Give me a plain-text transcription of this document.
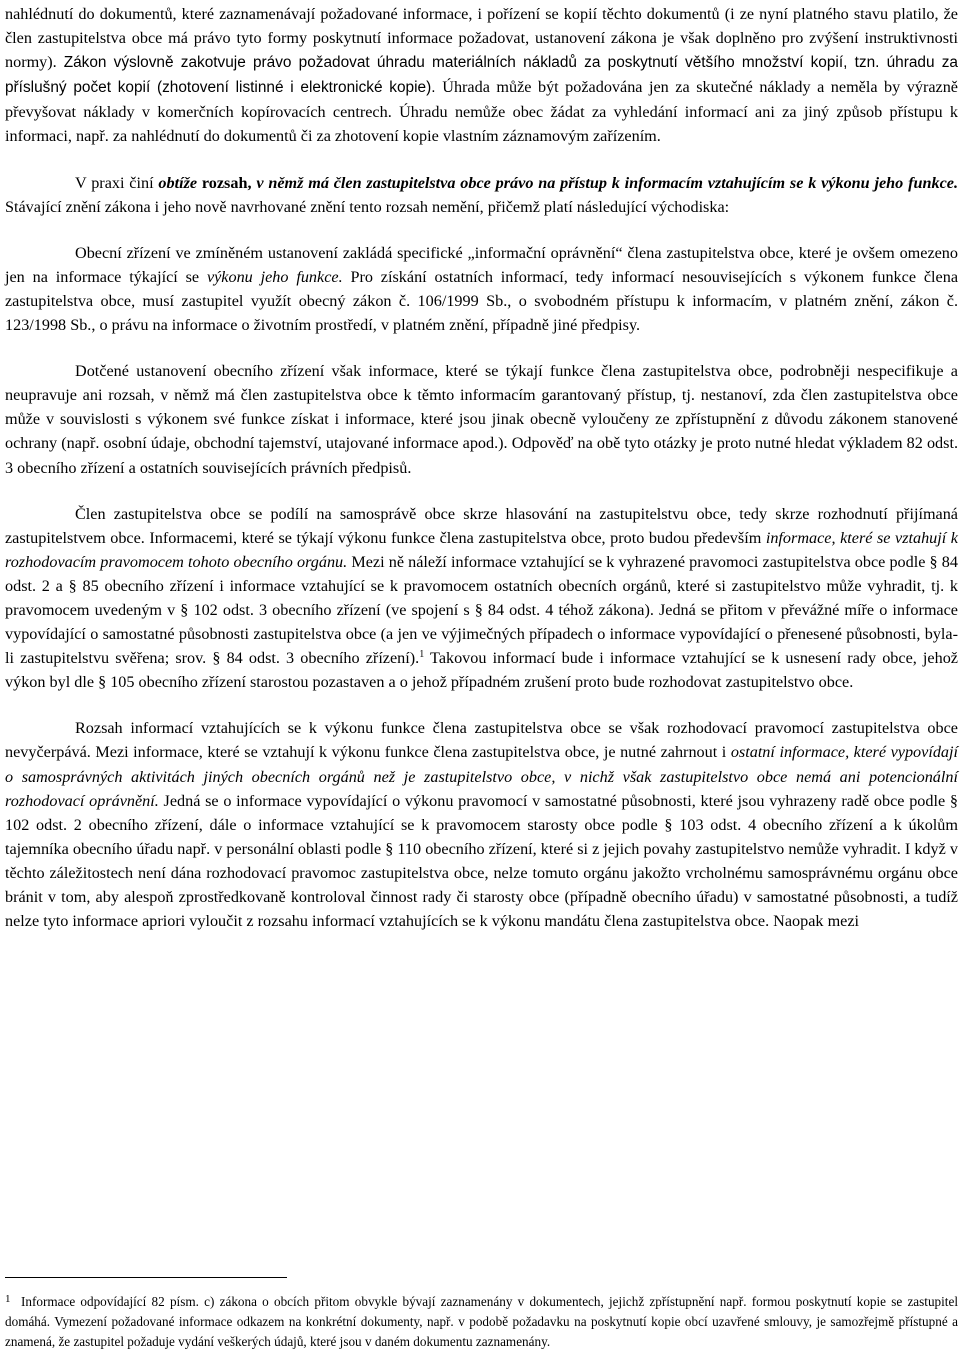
nahlédnutí do dokumentů, které zaznamenávají požadované informace, i pořízení se kopií těchto dokumentů (i ze nyní platného stavu platilo, že člen zastupitelstva obce má právo tyto formy poskytnutí informace požadovat, ustanovení zákona je však doplněno pro zvýšení instruktivnosti normy). Zákon výslovně zakotvuje právo požadovat úhradu materiálních nákladů za poskytnutí většího množství kopií, tzn. úhradu za příslušný počet kopií (zhotovení listinné i elektronické kopie). Úhrada může být požadována jen za skutečné náklady a neměla by výrazně převyšovat náklady v komerčních kopírovacích centrech. Úhradu nemůže obec žádat za vyhledání informací ani za jiný způsob přístupu k informaci, např. za nahlédnutí do dokumentů či za zhotovení kopie vlastním záznamovým zařízením.

V praxi činí obtíže rozsah, v němž má člen zastupitelstva obce právo na přístup k informacím vztahujícím se k výkonu jeho funkce. Stávající znění zákona i jeho nově navrhované znění tento rozsah nemění, přičemž platí následující východiska:

Obecní zřízení ve zmíněném ustanovení zakládá specifické „informační oprávnění“ člena zastupitelstva obce, které je ovšem omezeno jen na informace týkající se výkonu jeho funkce. Pro získání ostatních informací, tedy informací nesouvisejících s výkonem funkce člena zastupitelstva obce, musí zastupitel využít obecný zákon č. 106/1999 Sb., o svobodném přístupu k informacím, v platném znění, zákon č. 123/1998 Sb., o právu na informace o životním prostředí, v platném znění, případně jiné předpisy.

Dotčené ustanovení obecního zřízení však informace, které se týkají funkce člena zastupitelstva obce, podrobněji nespecifikuje a neupravuje ani rozsah, v němž má člen zastupitelstva obce k těmto informacím garantovaný přístup, tj. nestanoví, zda člen zastupitelstva obce může v souvislosti s výkonem své funkce získat i informace, které jsou jinak obecně vyloučeny ze zpřístupnění z důvodu zákonem stanovené ochrany (např. osobní údaje, obchodní tajemství, utajované informace apod.). Odpověď na obě tyto otázky je proto nutné hledat výkladem 82 odst. 3 obecního zřízení a ostatních souvisejících právních předpisů.

Člen zastupitelstva obce se podílí na samosprávě obce skrze hlasování na zastupitelstvu obce, tedy skrze rozhodnutí přijímaná zastupitelstvem obce. Informacemi, které se týkají výkonu funkce člena zastupitelstva obce, proto budou především informace, které se vztahují k rozhodovacím pravomocem tohoto obecního orgánu. Mezi ně náleží informace vztahující se k vyhrazené pravomoci zastupitelstva obce podle § 84 odst. 2 a § 85 obecního zřízení i informace vztahující se k pravomocem ostatních obecních orgánů, které si zastupitelstvo může vyhradit, tj. k pravomocem uvedeným v § 102 odst. 3 obecního zřízení (ve spojení s § 84 odst. 4 téhož zákona). Jedná se přitom v převážné míře o informace vypovídající o samostatné působnosti zastupitelstva obce (a jen ve výjimečných případech o informace vypovídající o přenesené působnosti, byla-li zastupitelstvu svěřena; srov. § 84 odst. 3 obecního zřízení).$^1$ Takovou informací bude i informace vztahující se k usnesení rady obce, jehož výkon byl dle § 105 obecního zřízení starostou pozastaven a o jehož případném zrušení proto bude rozhodovat zastupitelstvo obce.

Rozsah informací vztahujících se k výkonu funkce člena zastupitelstva obce se však rozhodovací pravomocí zastupitelstva obce nevyčerpává. Mezi informace, které se vztahují k výkonu funkce člena zastupitelstva obce, je nutné zahrnout i ostatní informace, které vypovídají o samosprávných aktivitách jiných obecních orgánů než je zastupitelstvo obce, v nichž však zastupitelstvo obce nemá ani potencionální rozhodovací oprávnění. Jedná se o informace vypovídající o výkonu pravomocí v samostatné působnosti, které jsou vyhrazeny radě obce podle § 102 odst. 2 obecního zřízení, dále o informace vztahující se k pravomocem starosty obce podle § 103 odst. 4 obecního zřízení a k úkolům tajemníka obecního úřadu např. v personální oblasti podle § 110 obecního zřízení, které si z jejich povahy zastupitelstvo nemůže vyhradit. I když v těchto záležitostech není dána rozhodovací pravomoc zastupitelstva obce, nelze tomuto orgánu jakožto vrcholnému samosprávnému orgánu obce bránit v tom, aby alespoň zprostředkovaně kontroloval činnost rady či starosty obce (případně obecního úřadu) v samostatné působnosti, a tudíž nelze tyto informace apriori vyloučit z rozsahu informací vztahujících se k výkonu mandátu člena zastupitelstva obce. Naopak mezi

1 Informace odpovídající 82 písm. c) zákona o obcích přitom obvykle bývají zaznamenány v dokumentech, jejichž zpřístupnění např. formou poskytnutí kopie se zastupitel domáhá. Vymezení požadované informace odkazem na konkrétní dokumenty, např. v podobě požadavku na poskytnutí kopie obcí uzavřené smlouvy, je samozřejmě přístupné a znamená, že zastupitel požaduje vydání veškerých údajů, které jsou v daném dokumentu zaznamenány.
